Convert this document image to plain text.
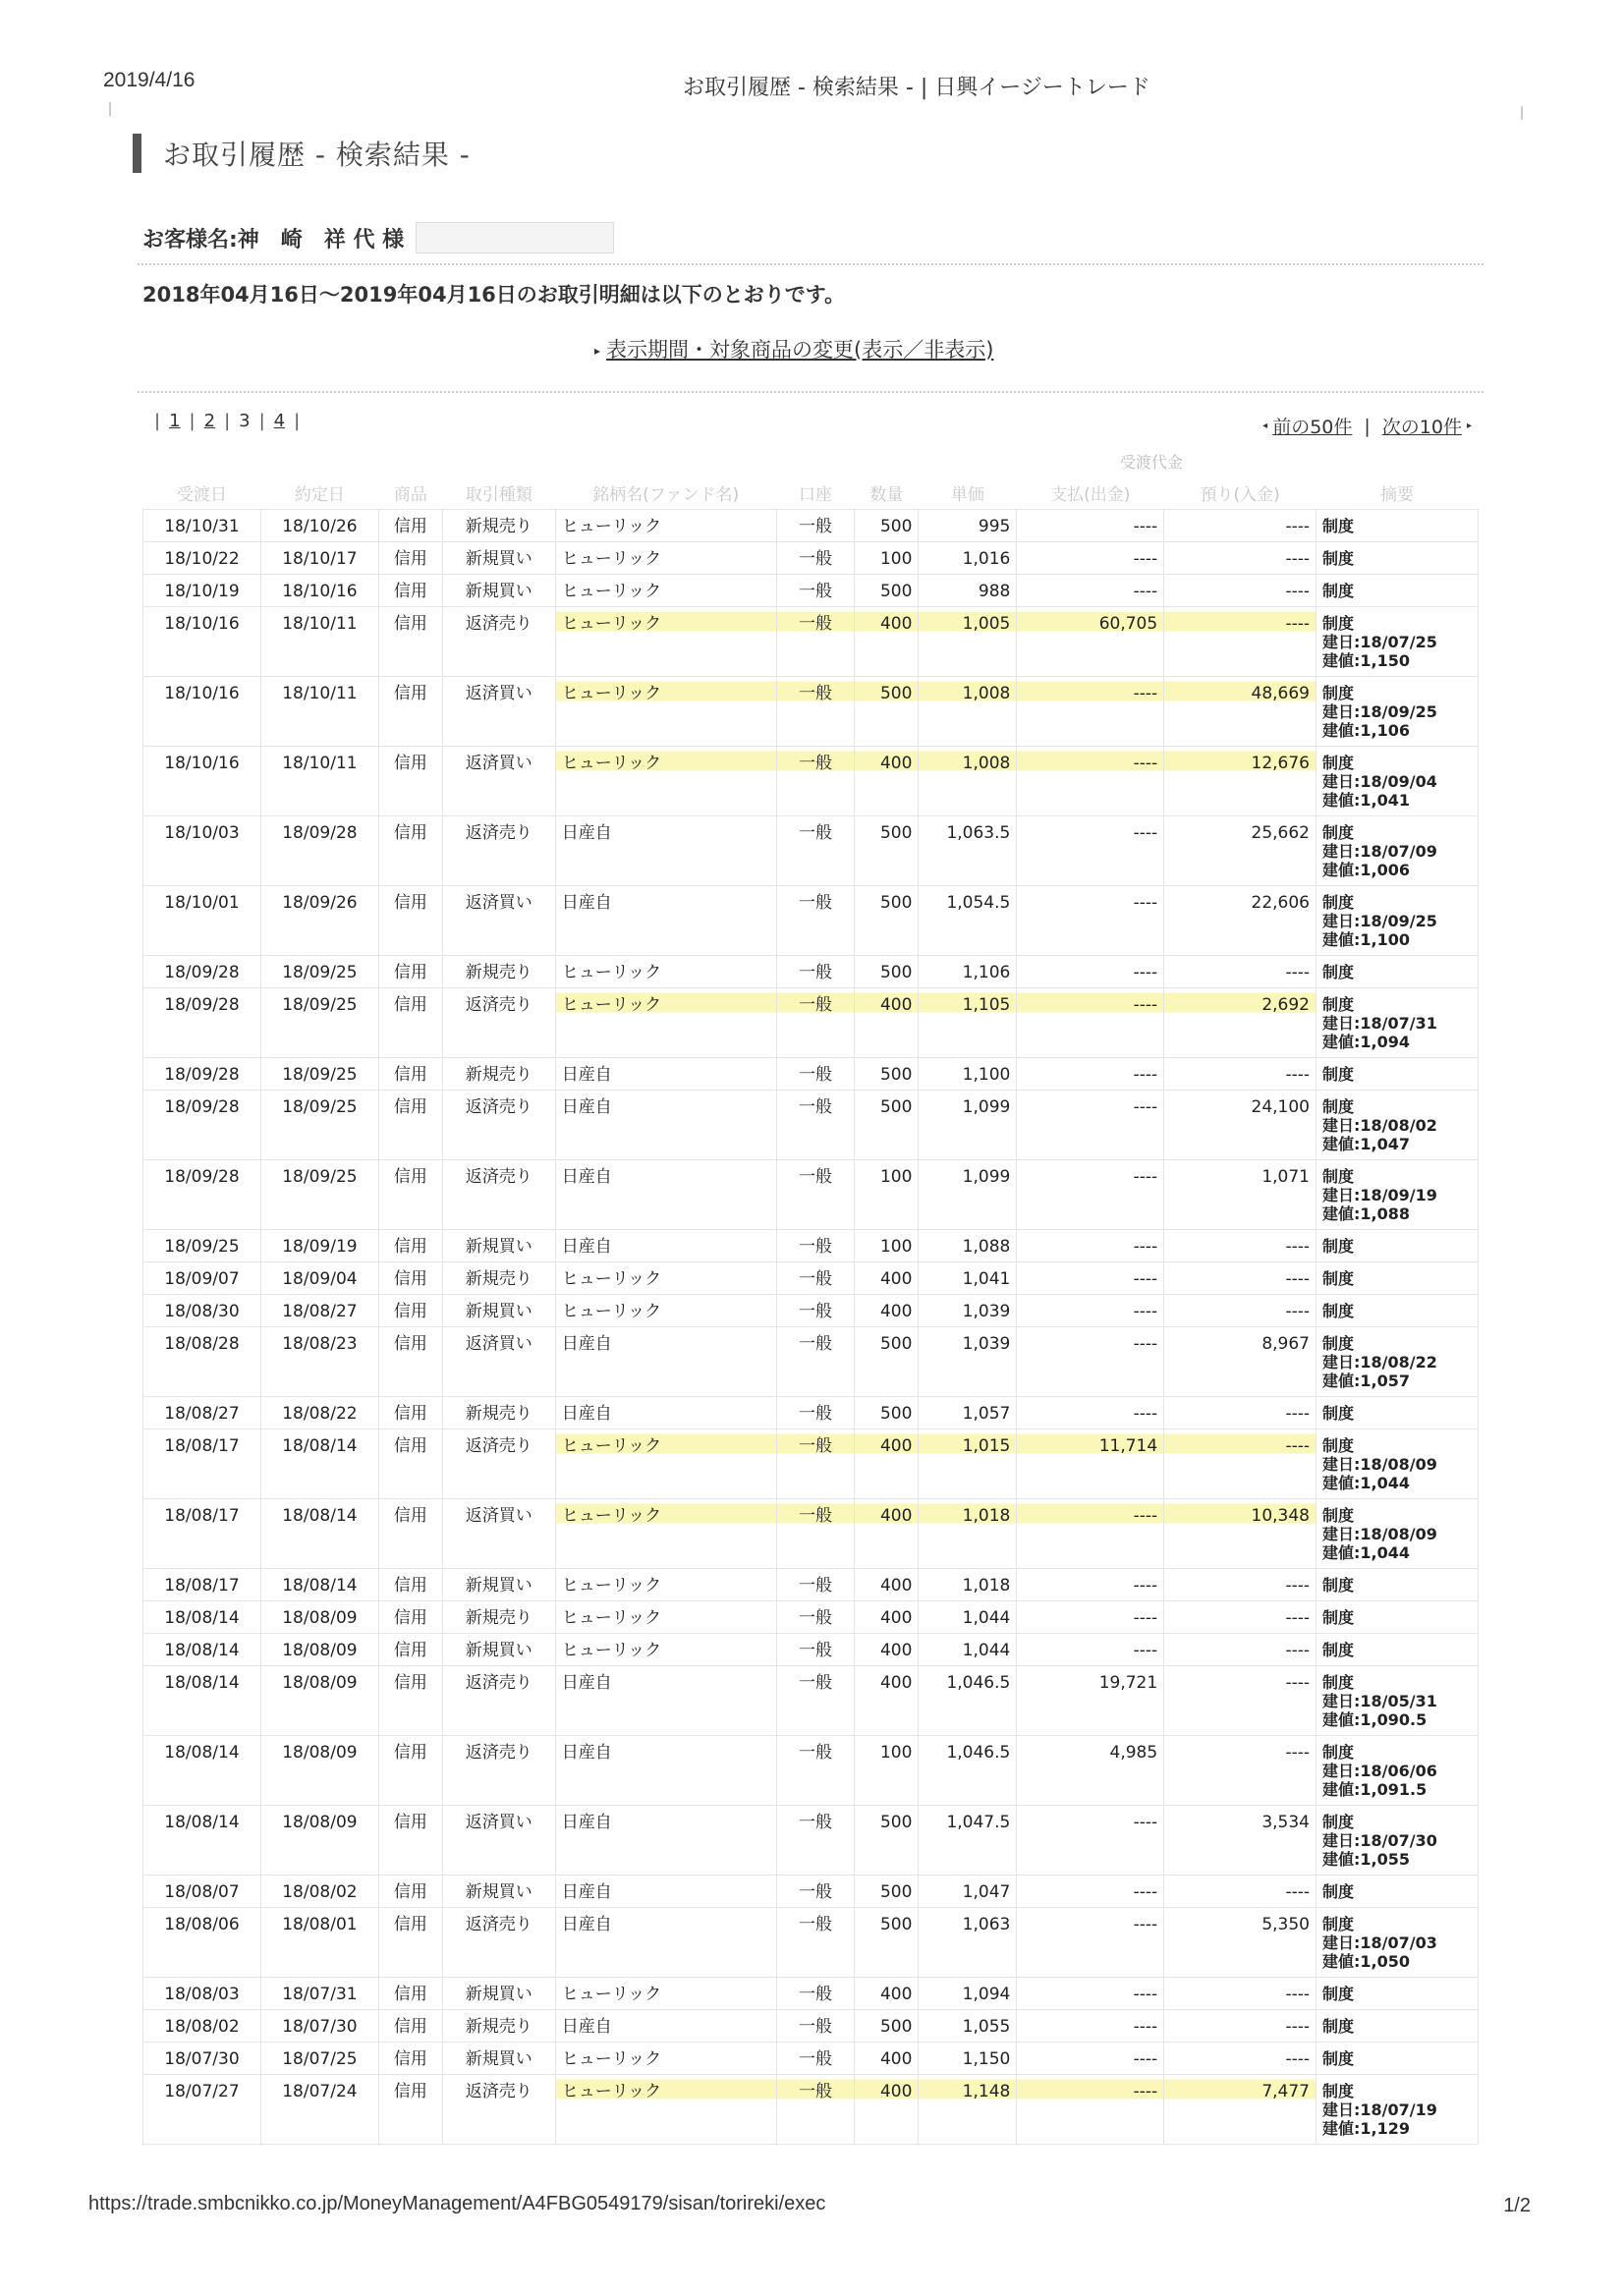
2019/4/16	お取引履歴 - 検索結果 - | 日興イージートレード
お取引履歴 - 検索結果 -
お客様名:神　崎　祥 代 様
2018年04月16日～2019年04月16日のお取引明細は以下のとおりです。
▸ 表示期間・対象商品の変更(表示／非表示)
| 1 | 2 | 3 | 4 |	◂ 前の50件 | 次の10件 ▸
受渡代金
受渡日	約定日	商品	取引種類	銘柄名(ファンド名)	口座	数量	単価	支払(出金)	預り(入金)	摘要
18/10/31	18/10/26	信用	新規売り	ヒューリック	一般	500	995	----	----	制度

18/10/22	18/10/17	信用	新規買い	ヒューリック	一般	100	1,016	----	----	制度

18/10/19	18/10/16	信用	新規買い	ヒューリック	一般	500	988	----	----	制度

18/10/16	18/10/11	信用	返済売り	ヒューリック	一般	400	1,005	60,705	----	制度
建日:18/07/25
建値:1,150

18/10/16	18/10/11	信用	返済買い	ヒューリック	一般	500	1,008	----	48,669	制度
建日:18/09/25
建値:1,106

18/10/16	18/10/11	信用	返済買い	ヒューリック	一般	400	1,008	----	12,676	制度
建日:18/09/04
建値:1,041

18/10/03	18/09/28	信用	返済売り	日産自	一般	500	1,063.5	----	25,662	制度
建日:18/07/09
建値:1,006

18/10/01	18/09/26	信用	返済買い	日産自	一般	500	1,054.5	----	22,606	制度
建日:18/09/25
建値:1,100

18/09/28	18/09/25	信用	新規売り	ヒューリック	一般	500	1,106	----	----	制度

18/09/28	18/09/25	信用	返済売り	ヒューリック	一般	400	1,105	----	2,692	制度
建日:18/07/31
建値:1,094

18/09/28	18/09/25	信用	新規売り	日産自	一般	500	1,100	----	----	制度

18/09/28	18/09/25	信用	返済売り	日産自	一般	500	1,099	----	24,100	制度
建日:18/08/02
建値:1,047

18/09/28	18/09/25	信用	返済売り	日産自	一般	100	1,099	----	1,071	制度
建日:18/09/19
建値:1,088

18/09/25	18/09/19	信用	新規買い	日産自	一般	100	1,088	----	----	制度

18/09/07	18/09/04	信用	新規売り	ヒューリック	一般	400	1,041	----	----	制度

18/08/30	18/08/27	信用	新規買い	ヒューリック	一般	400	1,039	----	----	制度

18/08/28	18/08/23	信用	返済買い	日産自	一般	500	1,039	----	8,967	制度
建日:18/08/22
建値:1,057

18/08/27	18/08/22	信用	新規売り	日産自	一般	500	1,057	----	----	制度

18/08/17	18/08/14	信用	返済売り	ヒューリック	一般	400	1,015	11,714	----	制度
建日:18/08/09
建値:1,044

18/08/17	18/08/14	信用	返済買い	ヒューリック	一般	400	1,018	----	10,348	制度
建日:18/08/09
建値:1,044

18/08/17	18/08/14	信用	新規買い	ヒューリック	一般	400	1,018	----	----	制度

18/08/14	18/08/09	信用	新規売り	ヒューリック	一般	400	1,044	----	----	制度

18/08/14	18/08/09	信用	新規買い	ヒューリック	一般	400	1,044	----	----	制度

18/08/14	18/08/09	信用	返済売り	日産自	一般	400	1,046.5	19,721	----	制度
建日:18/05/31
建値:1,090.5

18/08/14	18/08/09	信用	返済売り	日産自	一般	100	1,046.5	4,985	----	制度
建日:18/06/06
建値:1,091.5

18/08/14	18/08/09	信用	返済買い	日産自	一般	500	1,047.5	----	3,534	制度
建日:18/07/30
建値:1,055

18/08/07	18/08/02	信用	新規買い	日産自	一般	500	1,047	----	----	制度

18/08/06	18/08/01	信用	返済売り	日産自	一般	500	1,063	----	5,350	制度
建日:18/07/03
建値:1,050

18/08/03	18/07/31	信用	新規買い	ヒューリック	一般	400	1,094	----	----	制度

18/08/02	18/07/30	信用	新規売り	日産自	一般	500	1,055	----	----	制度

18/07/30	18/07/25	信用	新規買い	ヒューリック	一般	400	1,150	----	----	制度

18/07/27	18/07/24	信用	返済売り	ヒューリック	一般	400	1,148	----	7,477	制度
建日:18/07/19
建値:1,129
https://trade.smbcnikko.co.jp/MoneyManagement/A4FBG0549179/sisan/torireki/exec	1/2
